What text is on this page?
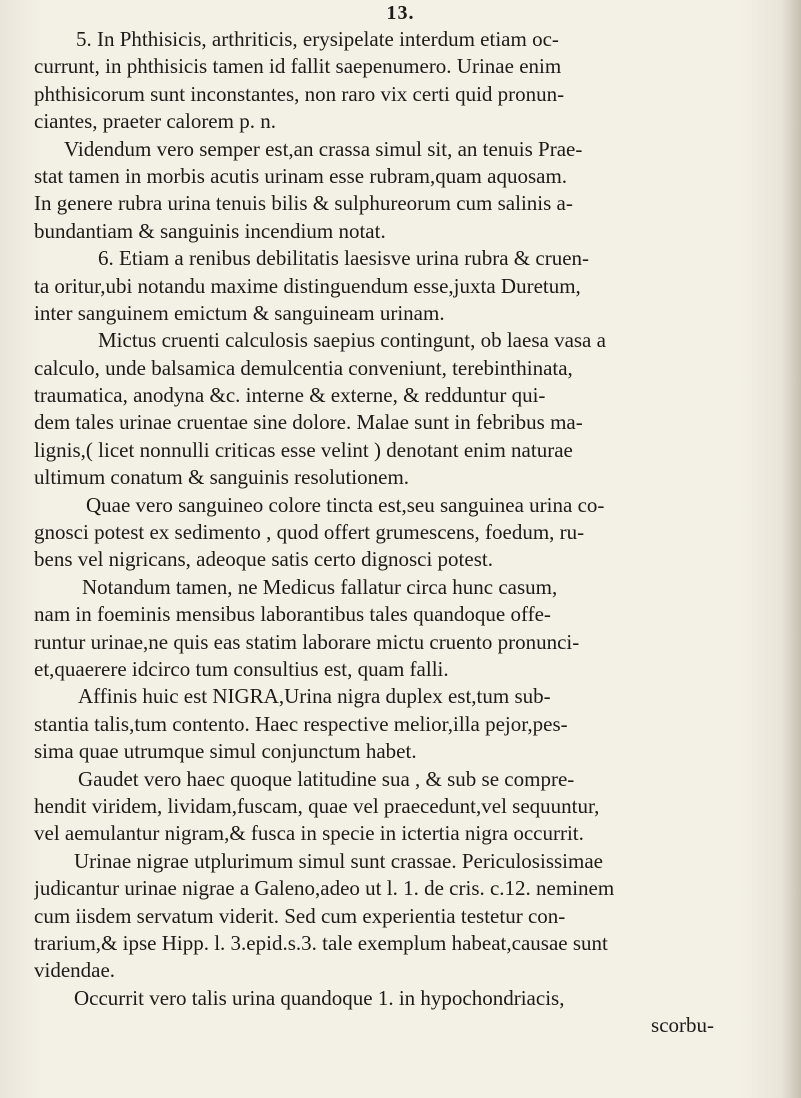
13.
5. In Phthisicis, arthriticis, erysipelate interdum etiam oc-
currunt, in phthisicis tamen id fallit saepenumero. Urinae enim
phthisicorum sunt inconstantes, non raro vix certi quid pronun-
ciantes, praeter calorem p. n.
Videndum vero semper est,an crassa simul sit, an tenuis Prae-
stat tamen in morbis acutis urinam esse rubram,quam aquosam.
In genere rubra urina tenuis bilis & sulphureorum cum salinis a-
bundantiam & sanguinis incendium notat.
6. Etiam a renibus debilitatis laesisve urina rubra & cruen-
ta oritur,ubi notandu maxime distinguendum esse,juxta Duretum,
inter sanguinem emictum & sanguineam urinam.
Mictus cruenti calculosis saepius contingunt, ob laesa vasa a
calculo, unde balsamica demulcentia conveniunt, terebinthinata,
traumatica, anodyna &c. interne & externe, & redduntur qui-
dem tales urinae cruentae sine dolore. Malae sunt in febribus ma-
lignis,( licet nonnulli criticas esse velint ) denotant enim naturae
ultimum conatum & sanguinis resolutionem.
Quae vero sanguineo colore tincta est,seu sanguinea urina co-
gnosci potest ex sedimento , quod offert grumescens, foedum, ru-
bens vel nigricans, adeoque satis certo dignosci potest.
Notandum tamen, ne Medicus fallatur circa hunc casum,
nam in foeminis mensibus laborantibus tales quandoque offe-
runtur urinae,ne quis eas statim laborare mictu cruento pronunci-
et,quaerere idcirco tum consultius est, quam falli.
Affinis huic est NIGRA,Urina nigra duplex est,tum sub-
stantia talis,tum contento. Haec respective melior,illa pejor,pes-
sima quae utrumque simul conjunctum habet.
Gaudet vero haec quoque latitudine sua , & sub se compre-
hendit viridem, lividam,fuscam, quae vel praecedunt,vel sequuntur,
vel aemulantur nigram,& fusca in specie in ictertia nigra occurrit.
Urinae nigrae utplurimum simul sunt crassae. Periculosissimae
judicantur urinae nigrae a Galeno,adeo ut l. 1. de cris. c.12. neminem
cum iisdem servatum viderit. Sed cum experientia testetur con-
trarium,& ipse Hipp. l. 3.epid.s.3. tale exemplum habeat,causae sunt
videndae.
Occurrit vero talis urina quandoque 1. in hypochondriacis,
scorbu-
